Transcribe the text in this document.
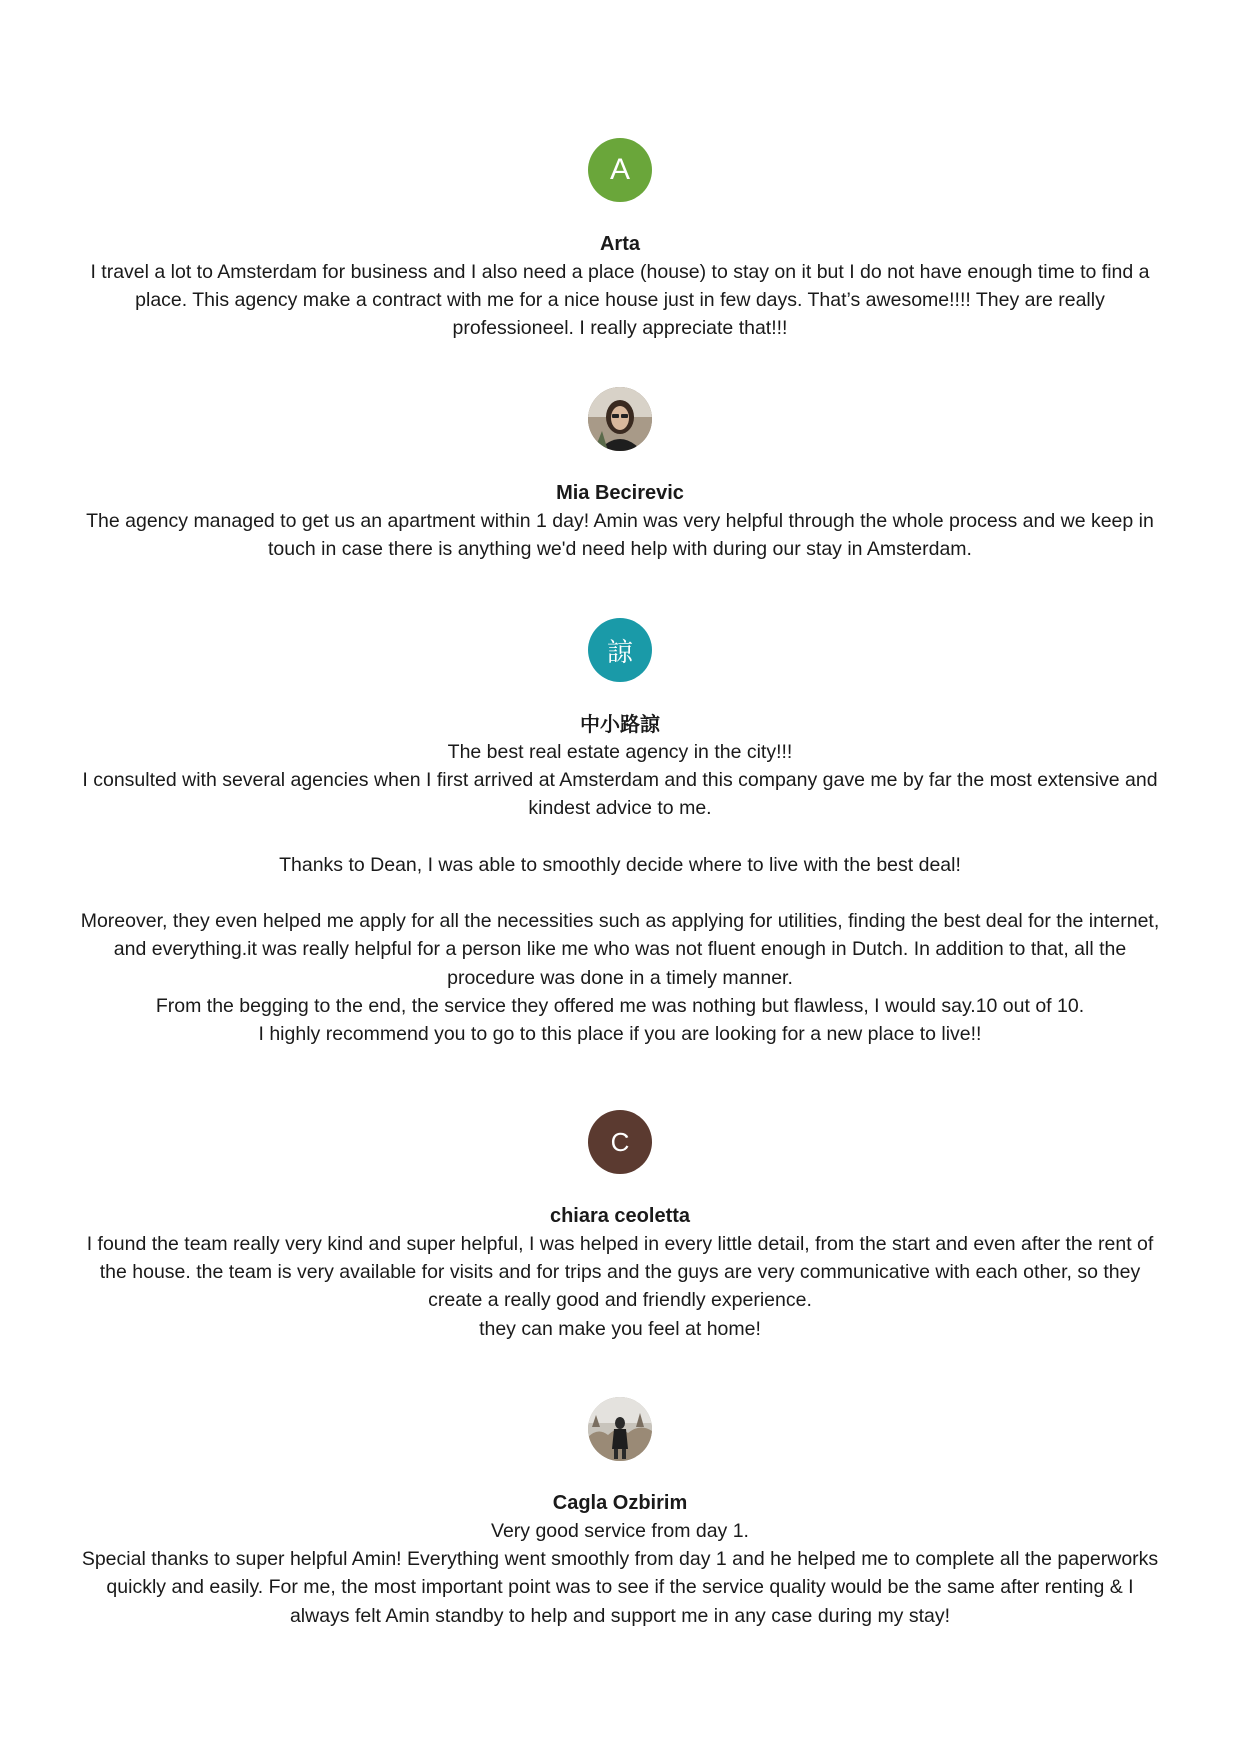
A
Arta

I travel a lot to Amsterdam for business and I also need a place (house) to stay on it but I do not have enough time to find a place. This agency make a contract with me for a nice house just in few days. That’s awesome!!!! They are really professioneel. I really appreciate that!!!

Mia Becirevic

The agency managed to get us an apartment within 1 day! Amin was very helpful through the whole process and we keep in touch in case there is anything we'd need help with during our stay in Amsterdam.

諒
中小路諒

The best real estate agency in the city!!!

I consulted with several agencies when I first arrived at Amsterdam and this company gave me by far the most extensive and kindest advice to me.

Thanks to Dean, I was able to smoothly decide where to live with the best deal!

Moreover, they even helped me apply for all the necessities such as applying for utilities, finding the best deal for the internet, and everything.it was really helpful for a person like me who was not fluent enough in Dutch. In addition to that, all the procedure was done in a timely manner.

From the begging to the end, the service they offered me was nothing but flawless, I would say.10 out of 10.

I highly recommend you to go to this place if you are looking for a new place to live!!

C
chiara ceoletta

I found the team really very kind and super helpful, I was helped in every little detail, from the start and even after the rent of the house. the team is very available for visits and for trips and the guys are very communicative with each other, so they create a really good and friendly experience.

they can make you feel at home!

Cagla Ozbirim

Very good service from day 1.

Special thanks to super helpful Amin! Everything went smoothly from day 1 and he helped me to complete all the paperworks quickly and easily. For me, the most important point was to see if the service quality would be the same after renting & I always felt Amin standby to help and support me in any case during my stay!
